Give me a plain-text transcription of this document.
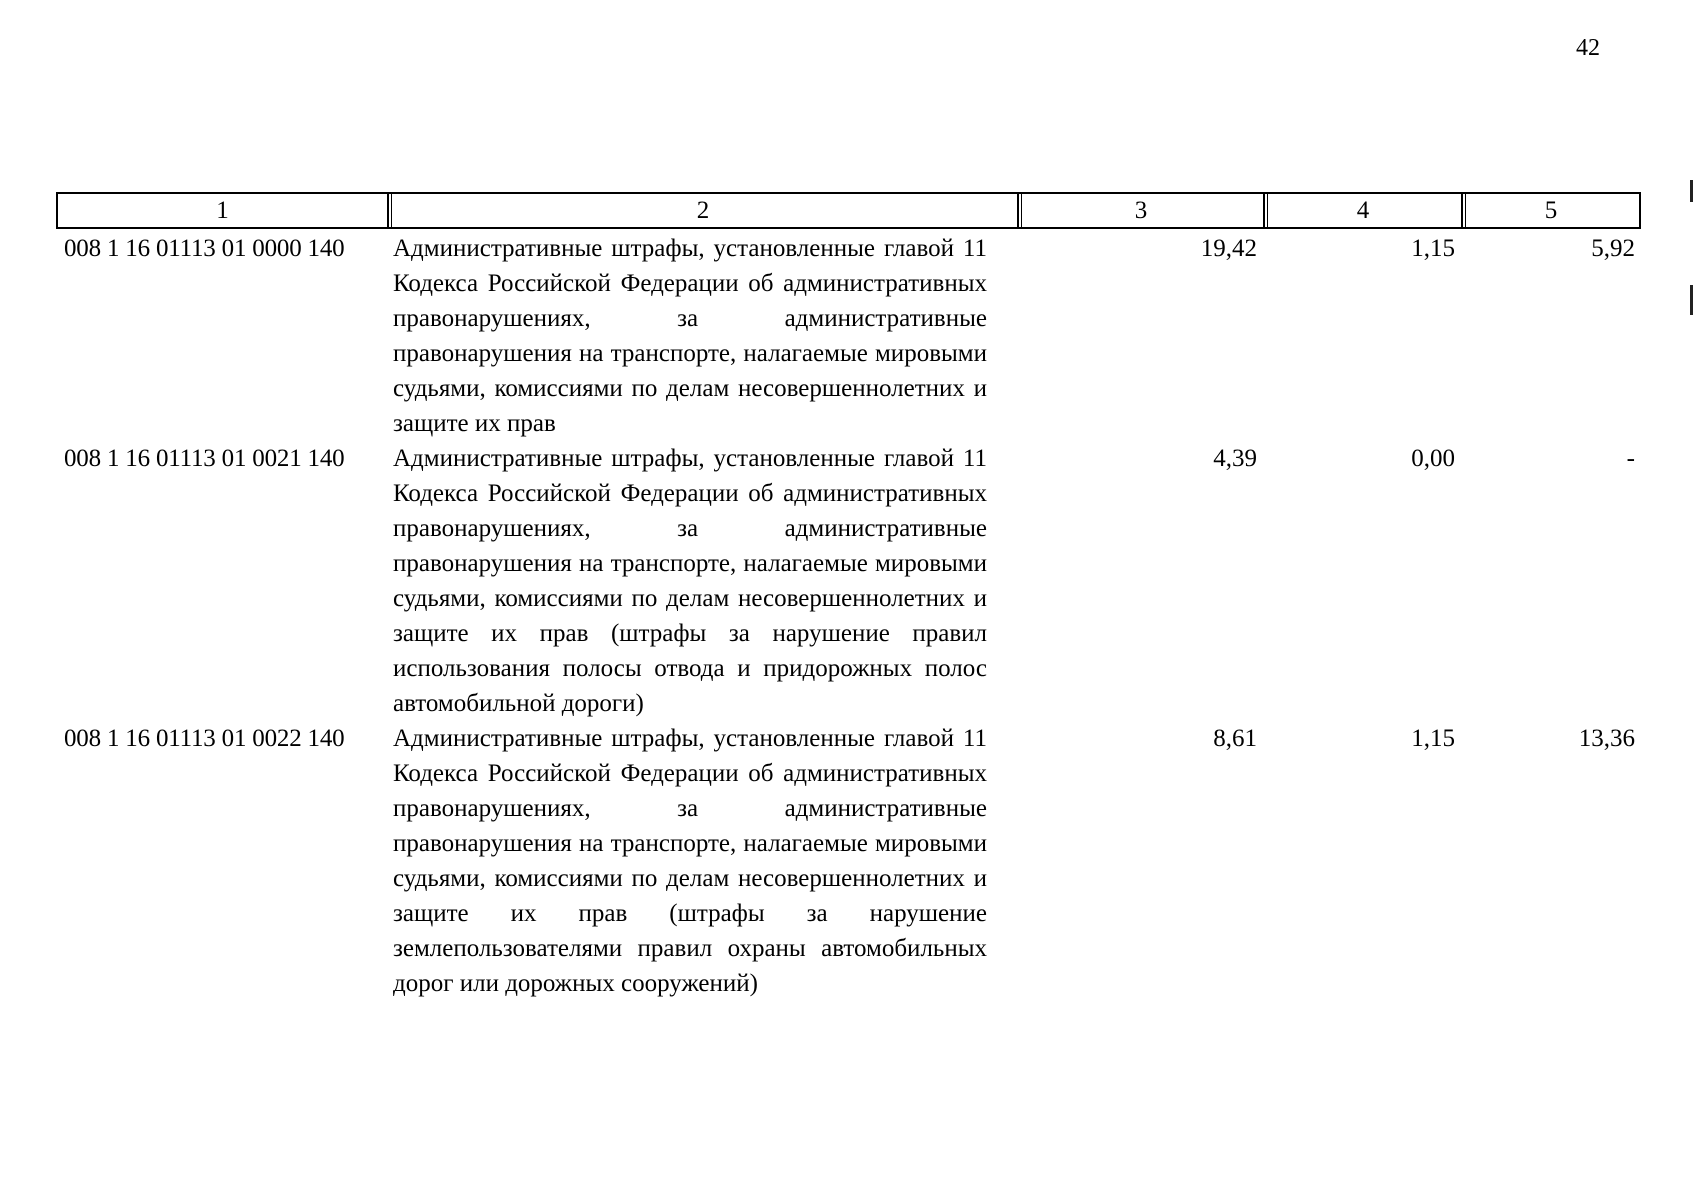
42
1	2	3	4	5
008 1 16 01113 01 0000 140	Административные штрафы, установленные главой 11 Кодекса Российской Федерации об административных правонарушениях, за административные правонарушения на транспорте, налагаемые мировыми судьями, комиссиями по делам несовершеннолетних и защите их прав	19,42	1,15	5,92
008 1 16 01113 01 0021 140	Административные штрафы, установленные главой 11 Кодекса Российской Федерации об административных правонарушениях, за административные правонарушения на транспорте, налагаемые мировыми судьями, комиссиями по делам несовершеннолетних и защите их прав (штрафы за нарушение правил использования полосы отвода и придорожных полос автомобильной дороги)	4,39	0,00	-
008 1 16 01113 01 0022 140	Административные штрафы, установленные главой 11 Кодекса Российской Федерации об административных правонарушениях, за административные правонарушения на транспорте, налагаемые мировыми судьями, комиссиями по делам несовершеннолетних и защите их прав (штрафы за нарушение землепользователями правил охраны автомобильных дорог или дорожных сооружений)	8,61	1,15	13,36
